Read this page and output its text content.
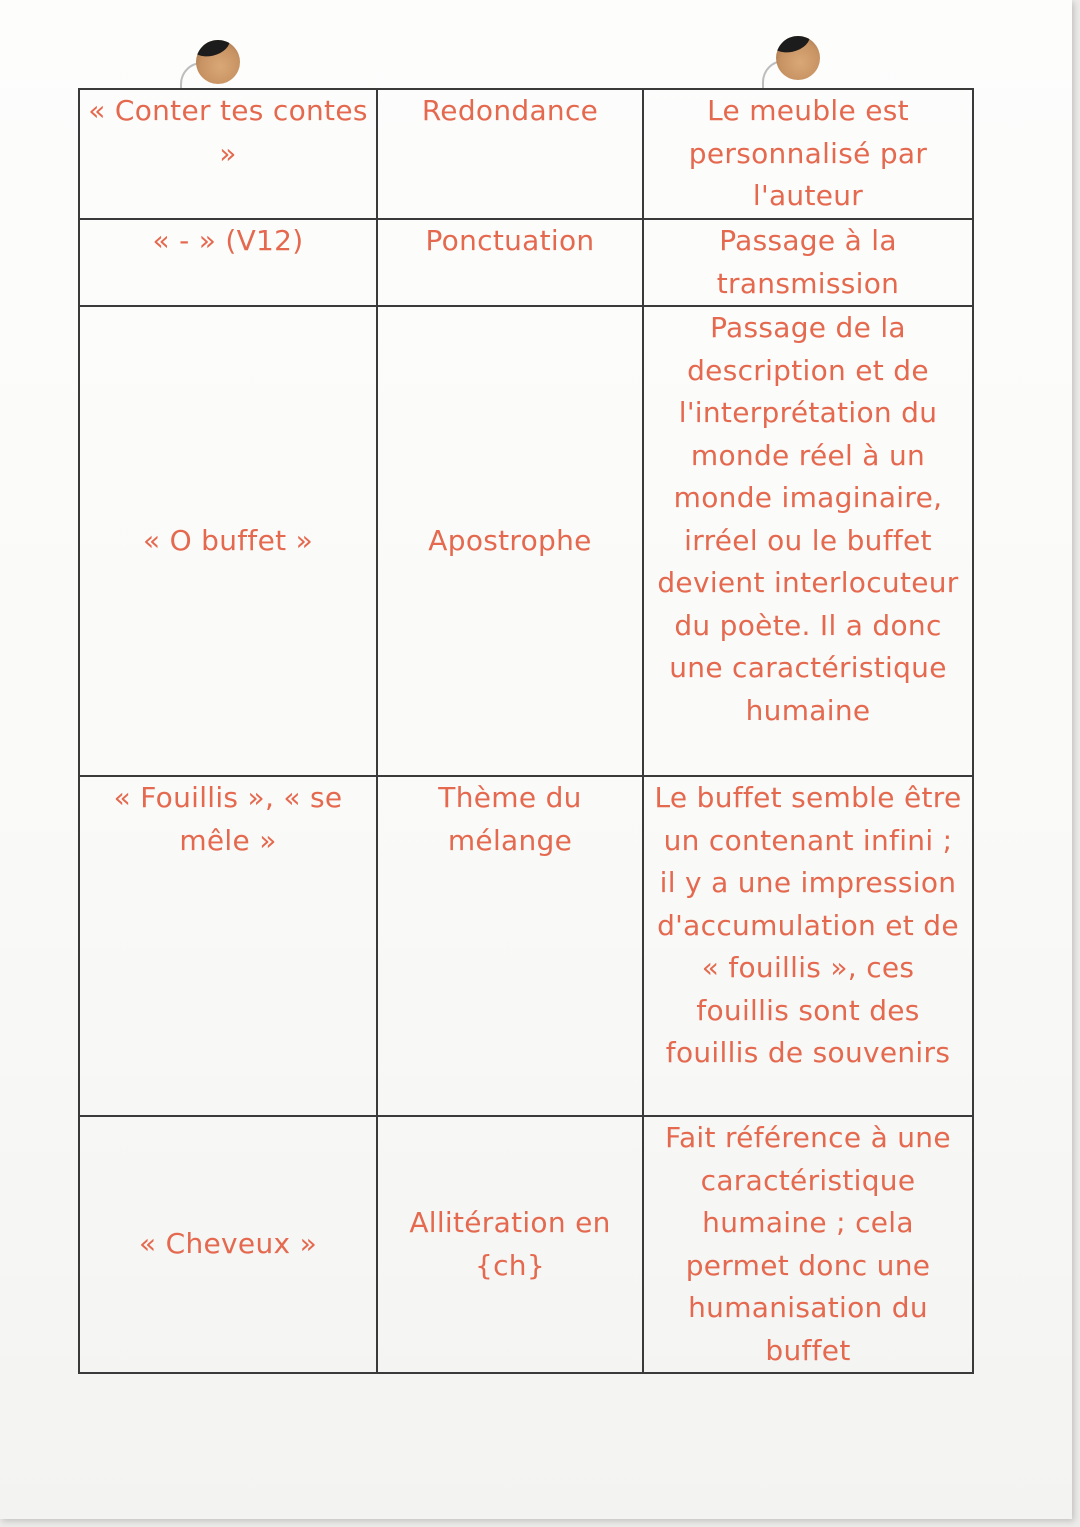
« Conter tes contes »	Redondance	Le meuble est personnalisé par l'auteur
« - » (V12)	Ponctuation	Passage à la transmission
« O buffet »	Apostrophe	Passage de la description et de l'interprétation du monde réel à un monde imaginaire, irréel ou le buffet devient interlocuteur du poète. Il a donc une caractéristique humaine
« Fouillis », « se mêle »	Thème du mélange	Le buffet semble être un contenant infini ; il y a une impression d'accumulation et de « fouillis », ces fouillis sont des fouillis de souvenirs
« Cheveux »	Allitération en {ch}	Fait référence à une caractéristique humaine ; cela permet donc une humanisation du buffet
